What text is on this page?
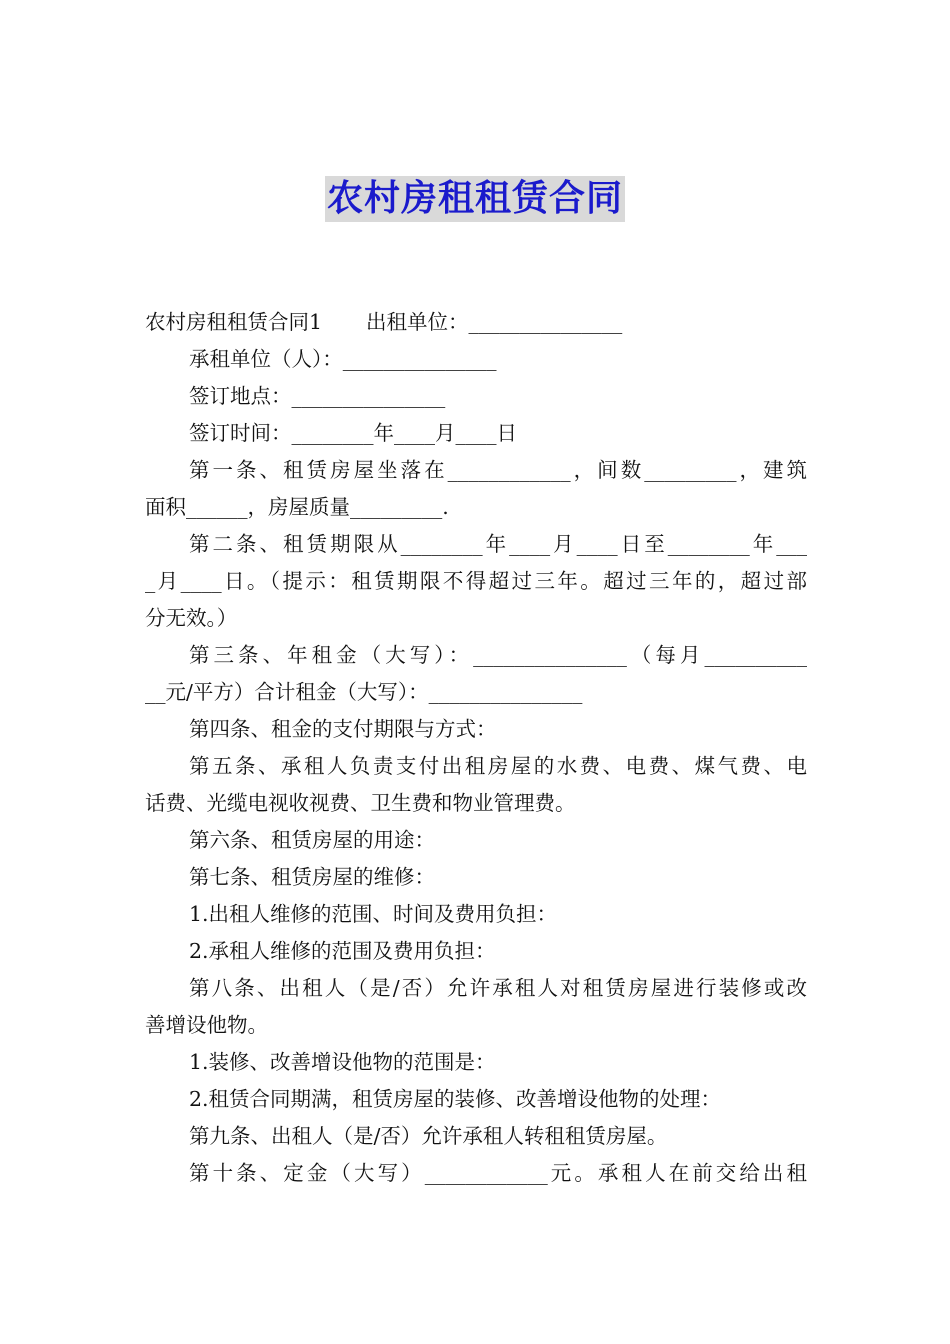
农村房租租赁合同
农村房租租赁合同1 出租单位：_______________
承租单位（人）：_______________
签订地点：_______________
签订时间：________年____月____日
第一条、租赁房屋坐落在____________，间数_________，建筑
面积______，房屋质量_________.
第二条、租赁期限从________年____月____日至________年___
_月____日。（提示：租赁期限不得超过三年。超过三年的，超过部
分无效。）
第三条、年租金（大写）：_______________（每月__________
__元/平方）合计租金（大写）：_______________
第四条、租金的支付期限与方式：
第五条、承租人负责支付出租房屋的水费、电费、煤气费、电
话费、光缆电视收视费、卫生费和物业管理费。
第六条、租赁房屋的用途：
第七条、租赁房屋的维修：
1.出租人维修的范围、时间及费用负担：
2.承租人维修的范围及费用负担：
第八条、出租人（是/否）允许承租人对租赁房屋进行装修或改
善增设他物。
1.装修、改善增设他物的范围是：
2.租赁合同期满，租赁房屋的装修、改善增设他物的处理：
第九条、出租人（是/否）允许承租人转租租赁房屋。
第十条、定金（大写）____________元。承租人在前交给出租
